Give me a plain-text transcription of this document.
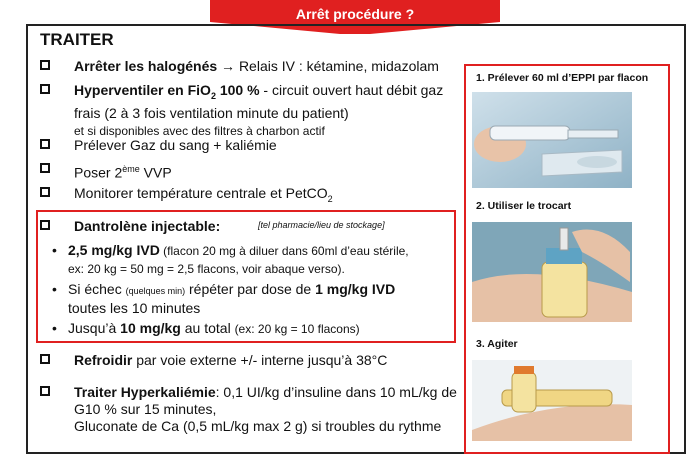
Arrêt procédure ?
TRAITER
Arrêter les halogénés → Relais IV : kétamine, midazolam
Hyperventiler en FiO$_2$ 100 % - circuit ouvert haut débit gaz
frais (2 à 3 fois ventilation minute du patient)
et si disponibles avec des filtres à charbon actif
Prélever Gaz du sang + kaliémie
Poser 2ème VVP
Monitorer température centrale et PetCO$_2$
Dantrolène injectable:	[tel pharmacie/lieu de stockage]
• 2,5 mg/kg IVD (flacon 20 mg à diluer dans 60ml d’eau stérile,
ex: 20 kg = 50 mg = 2,5 flacons, voir abaque verso).
• Si échec (quelques min) répéter par dose de 1 mg/kg IVD
toutes les 10 minutes
• Jusqu’à 10 mg/kg au total (ex: 20 kg = 10 flacons)
Refroidir par voie externe +/- interne jusqu’à 38°C
Traiter Hyperkaliémie: 0,1 UI/kg d’insuline dans 10 mL/kg de
G10 % sur 15 minutes,
Gluconate de Ca (0,5 mL/kg max 2 g) si troubles du rythme
1. Prélever 60 ml d’EPPI par flacon
2. Utiliser le trocart
3. Agiter
